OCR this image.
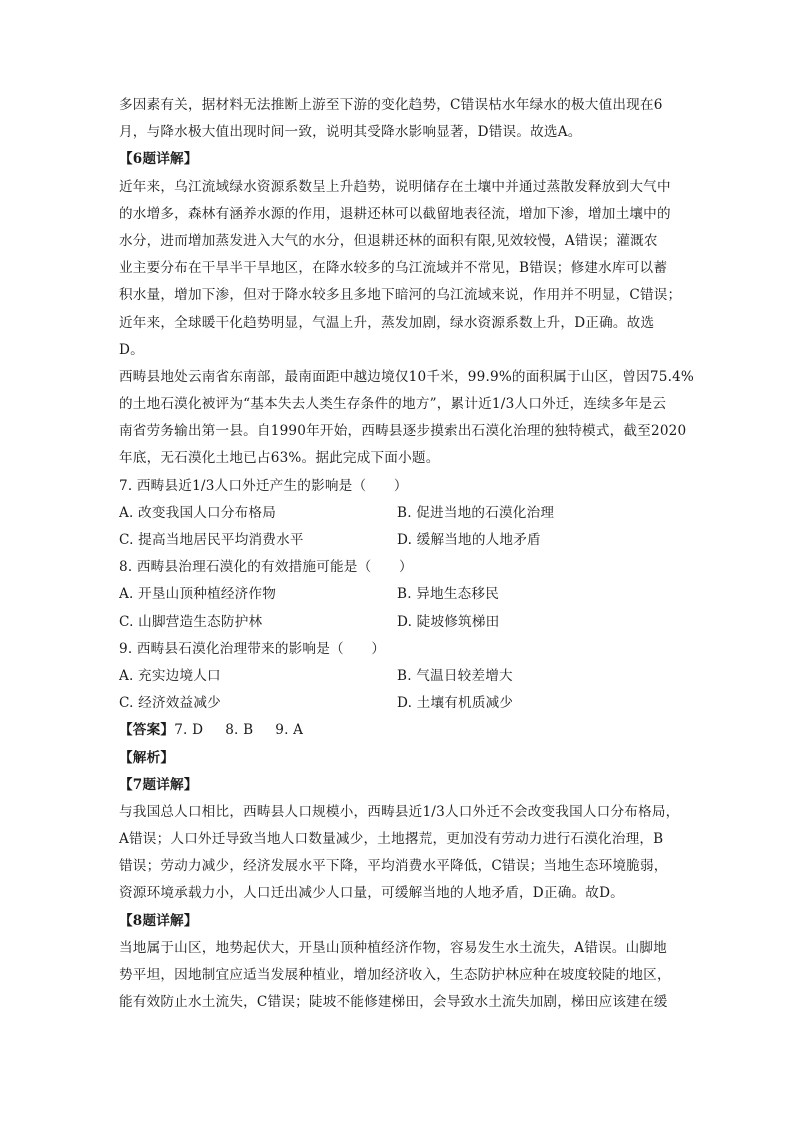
多因素有关，据材料无法推断上游至下游的变化趋势，C错误枯水年绿水的极大值出现在6
月，与降水极大值出现时间一致，说明其受降水影响显著，D错误。故选A。
【6题详解】
近年来，乌江流域绿水资源系数呈上升趋势，说明储存在土壤中并通过蒸散发释放到大气中
的水增多，森林有涵养水源的作用，退耕还林可以截留地表径流，增加下渗，增加土壤中的
水分，进而增加蒸发进入大气的水分，但退耕还林的面积有限,见效较慢，A错误；灌溉农
业主要分布在干旱半干旱地区，在降水较多的乌江流域并不常见，B错误；修建水库可以蓄
积水量，增加下渗，但对于降水较多且多地下暗河的乌江流域来说，作用并不明显，C错误；
近年来，全球暖干化趋势明显，气温上升，蒸发加剧，绿水资源系数上升，D正确。故选
D。
西畴县地处云南省东南部，最南面距中越边境仅10千米，99.9%的面积属于山区，曾因75.4%
的土地石漠化被评为“基本失去人类生存条件的地方”，累计近1/3人口外迁，连续多年是云
南省劳务输出第一县。自1990年开始，西畴县逐步摸索出石漠化治理的独特模式，截至2020
年底，无石漠化土地已占63%。据此完成下面小题。
7. 西畴县近1/3人口外迁产生的影响是（　　）
A. 改变我国人口分布格局	B. 促进当地的石漠化治理
C. 提高当地居民平均消费水平	D. 缓解当地的人地矛盾
8. 西畴县治理石漠化的有效措施可能是（　　）
A. 开垦山顶种植经济作物	B. 异地生态移民
C. 山脚营造生态防护林	D. 陡坡修筑梯田
9. 西畴县石漠化治理带来的影响是（　　）
A. 充实边境人口	B. 气温日较差增大
C. 经济效益减少	D. 土壤有机质减少
【答案】7. D 8. B 9. A
【解析】
【7题详解】
与我国总人口相比，西畴县人口规模小，西畴县近1/3人口外迁不会改变我国人口分布格局，
A错误；人口外迁导致当地人口数量减少，土地撂荒，更加没有劳动力进行石漠化治理，B
错误；劳动力减少，经济发展水平下降，平均消费水平降低，C错误；当地生态环境脆弱，
资源环境承载力小，人口迁出减少人口量，可缓解当地的人地矛盾，D正确。故D。
【8题详解】
当地属于山区，地势起伏大，开垦山顶种植经济作物，容易发生水土流失，A错误。山脚地
势平坦，因地制宜应适当发展种植业，增加经济收入，生态防护林应种在坡度较陡的地区，
能有效防止水土流失，C错误；陡坡不能修建梯田，会导致水土流失加剧，梯田应该建在缓
